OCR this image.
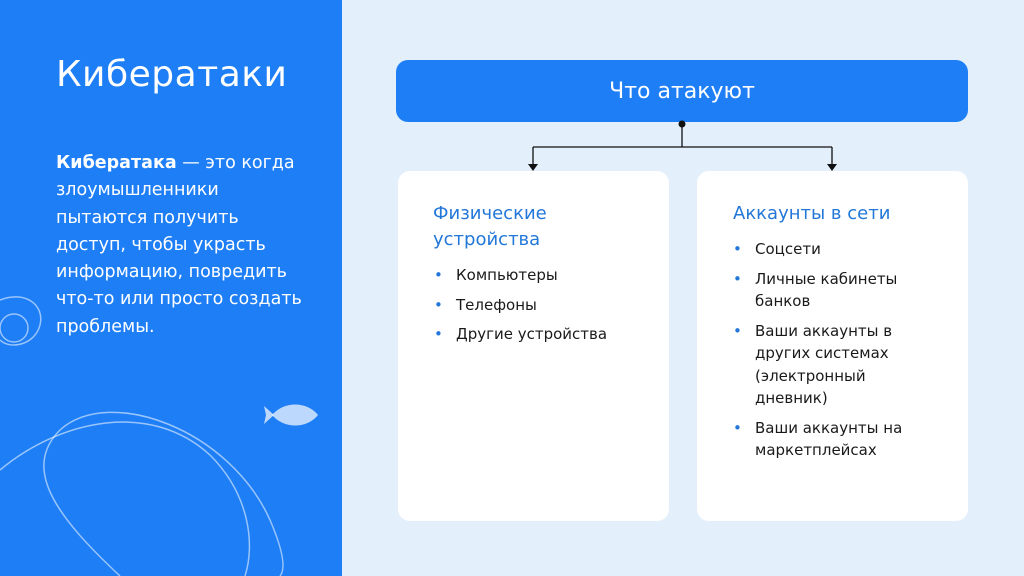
Кибератаки

Кибератака — это когда злоумышленники пытаются получить доступ, чтобы украсть информацию, повредить что-то или просто создать проблемы.

Что атакуют
Физические устройства
• Компьютеры
• Телефоны
• Другие устройства
Аккаунты в сети
• Соцсети
• Личные кабинеты банков
• Ваши аккаунты в других системах (электронный дневник)
• Ваши аккаунты на маркетплейсах
